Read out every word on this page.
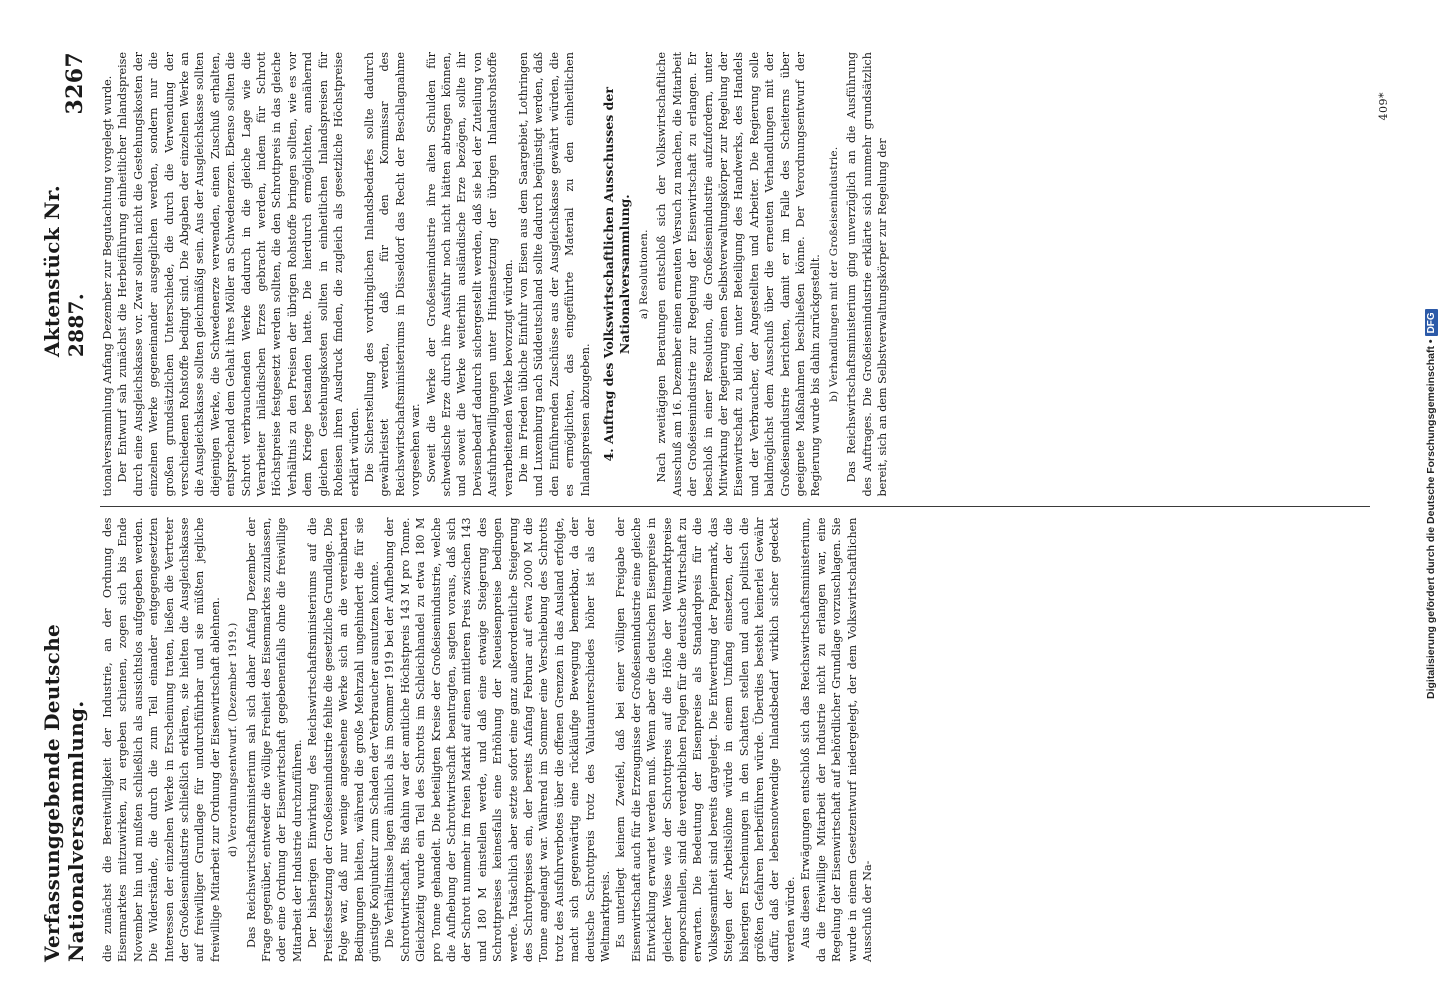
Verfassunggebende Deutsche Nationalversammlung.
Aktenstück Nr. 2887.
3267

die zunächst die Bereitwilligkeit der Industrie, an der Ordnung des Eisenmarktes mitzuwirken, zu ergeben schienen, zogen sich bis Ende November hin und mußten schließlich als aussichtslos aufgegeben werden. Die Widerstände, die durch die zum Teil einander entgegengesetzten Interessen der einzelnen Werke in Erscheinung traten, ließen die Vertreter der Großeisenindustrie schließlich erklären, sie hielten die Ausgleichskasse auf freiwilliger Grundlage für undurchführbar und sie müßten jegliche freiwillige Mitarbeit zur Ordnung der Eisenwirtschaft ablehnen. d) Verordnungsentwurf. (Dezember 1919.) Das Reichswirtschaftsministerium sah sich daher Anfang Dezember der Frage gegenüber, entweder die völlige Freiheit des Eisenmarktes zuzulassen, oder eine Ordnung der Eisenwirtschaft gegebenenfalls ohne die freiwillige Mitarbeit der Industrie durchzuführen. Der bisherigen Einwirkung des Reichswirtschaftsministeriums auf die Preisfestsetzung der Großeisenindustrie fehlte die gesetzliche Grundlage. Die Folge war, daß nur wenige angesehene Werke sich an die vereinbarten Bedingungen hielten, während die große Mehrzahl ungehindert die für sie günstige Konjunktur zum Schaden der Verbraucher ausnutzen konnte. Die Verhältnisse lagen ähnlich als im Sommer 1919 bei der Aufhebung der Schrottwirtschaft. Bis dahin war der amtliche Höchstpreis 143 M pro Tonne. Gleichzeitig wurde ein Teil des Schrotts im Schleichhandel zu etwa 180 M pro Tonne gehandelt. Die beteiligten Kreise der Großeisenindustrie, welche die Aufhebung der Schrottwirtschaft beantragten, sagten voraus, daß sich der Schrott nunmehr im freien Markt auf einen mittleren Preis zwischen 143 und 180 M einstellen werde, und daß eine etwaige Steigerung des Schrottpreises keinesfalls eine Erhöhung der Neueisenpreise bedingen werde. Tatsächlich aber setzte sofort eine ganz außerordentliche Steigerung des Schrottpreises ein, der bereits Anfang Februar auf etwa 2000 M die Tonne angelangt war. Während im Sommer eine Verschiebung des Schrotts trotz des Ausfuhrverbotes über die offenen Grenzen in das Ausland erfolgte, macht sich gegenwärtig eine rückläufige Bewegung bemerkbar, da der deutsche Schrottpreis trotz des Valutaunterschiedes höher ist als der Weltmarktpreis. Es unterliegt keinem Zweifel, daß bei einer völligen Freigabe der Eisenwirtschaft auch für die Erzeugnisse der Großeisenindustrie eine gleiche Entwicklung erwartet werden muß. Wenn aber die deutschen Eisenpreise in gleicher Weise wie der Schrottpreis auf die Höhe der Weltmarktpreise emporschnellen, sind die verderblichen Folgen für die deutsche Wirtschaft zu erwarten. Die Bedeutung der Eisenpreise als Standardpreis für die Volksgesamtheit sind bereits dargelegt. Die Entwertung der Papiermark, das Steigen der Arbeitslöhne würde in einem Umfang einsetzen, der die bisherigen Erscheinungen in den Schatten stellen und auch politisch die größten Gefahren herbeiführen würde. Überdies besteht keinerlei Gewähr dafür, daß der lebensnotwendige Inlandsbedarf wirklich sicher gedeckt werden würde. Aus diesen Erwägungen entschloß sich das Reichswirtschaftsministerium, da die freiwillige Mitarbeit der Industrie nicht zu erlangen war, eine Regelung der Eisenwirtschaft auf behördlicher Grundlage vorzuschlagen. Sie wurde in einem Gesetzentwurf niedergelegt, der dem Volkswirtschaftlichen Ausschuß der Na-

tionalversammlung Anfang Dezember zur Begutachtung vorgelegt wurde. Der Entwurf sah zunächst die Herbeiführung einheitlicher Inlandspreise durch eine Ausgleichskasse vor. Zwar sollten nicht die Gestehungskosten der einzelnen Werke gegeneinander ausgeglichen werden, sondern nur die großen grundsätzlichen Unterschiede, die durch die Verwendung der verschiedenen Rohstoffe bedingt sind. Die Abgaben der einzelnen Werke an die Ausgleichskasse sollten gleichmäßig sein. Aus der Ausgleichskasse sollten diejenigen Werke, die Schwedenerze verwenden, einen Zuschuß erhalten, entsprechend dem Gehalt ihres Möller an Schwedenerzen. Ebenso sollten die Schrott verbrauchenden Werke dadurch in die gleiche Lage wie die Verarbeiter inländischen Erzes gebracht werden, indem für Schrott Höchstpreise festgesetzt werden sollten, die den Schrottpreis in das gleiche Verhältnis zu den Preisen der übrigen Rohstoffe bringen sollten, wie es vor dem Kriege bestanden hatte. Die hierdurch ermöglichten, annähernd gleichen Gestehungskosten sollten in einheitlichen Inlandspreisen für Roheisen ihren Ausdruck finden, die zugleich als gesetzliche Höchstpreise erklärt würden. Die Sicherstellung des vordringlichen Inlandsbedarfes sollte dadurch gewährleistet werden, daß für den Kommissar des Reichswirtschaftsministeriums in Düsseldorf das Recht der Beschlagnahme vorgesehen war. Soweit die Werke der Großeisenindustrie ihre alten Schulden für schwedische Erze durch ihre Ausfuhr noch nicht hätten abtragen können, und soweit die Werke weiterhin ausländische Erze bezögen, sollte ihr Devisenbedarf dadurch sichergestellt werden, daß sie bei der Zuteilung von Ausfuhrbewilligungen unter Hintansetzung der übrigen Inlandsrohstoffe verarbeitenden Werke bevorzugt würden. Die im Frieden übliche Einfuhr von Eisen aus dem Saargebiet, Lothringen und Luxemburg nach Süddeutschland sollte dadurch begünstigt werden, daß den Einführenden Zuschüsse aus der Ausgleichskasse gewährt würden, die es ermöglichten, das eingeführte Material zu den einheitlichen Inlandspreisen abzugeben. 4. Auftrag des Volkswirtschaftlichen Ausschusses der Nationalversammlung. a) Resolutionen. Nach zweitägigen Beratungen entschloß sich der Volkswirtschaftliche Ausschuß am 16. Dezember einen erneuten Versuch zu machen, die Mitarbeit der Großeisenindustrie zur Regelung der Eisenwirtschaft zu erlangen. Er beschloß in einer Resolution, die Großeisenindustrie aufzufordern, unter Mitwirkung der Regierung einen Selbstverwaltungskörper zur Regelung der Eisenwirtschaft zu bilden, unter Beteiligung des Handwerks, des Handels und der Verbraucher, der Angestellten und Arbeiter. Die Regierung solle baldmöglichst dem Ausschuß über die erneuten Verhandlungen mit der Großeisenindustrie berichten, damit er im Falle des Scheiterns über geeignete Maßnahmen beschließen könne. Der Verordnungsentwurf der Regierung wurde bis dahin zurückgestellt. b) Verhandlungen mit der Großeisenindustrie. Das Reichswirtschaftsministerium ging unverzüglich an die Ausführung des Auftrages. Die Großeisenindustrie erklärte sich nunmehr grundsätzlich bereit, sich an dem Selbstverwaltungskörper zur Regelung der

409*
Digitalisierung gefördert durch die Deutsche Forschungsgemeinschaft •
DFG
